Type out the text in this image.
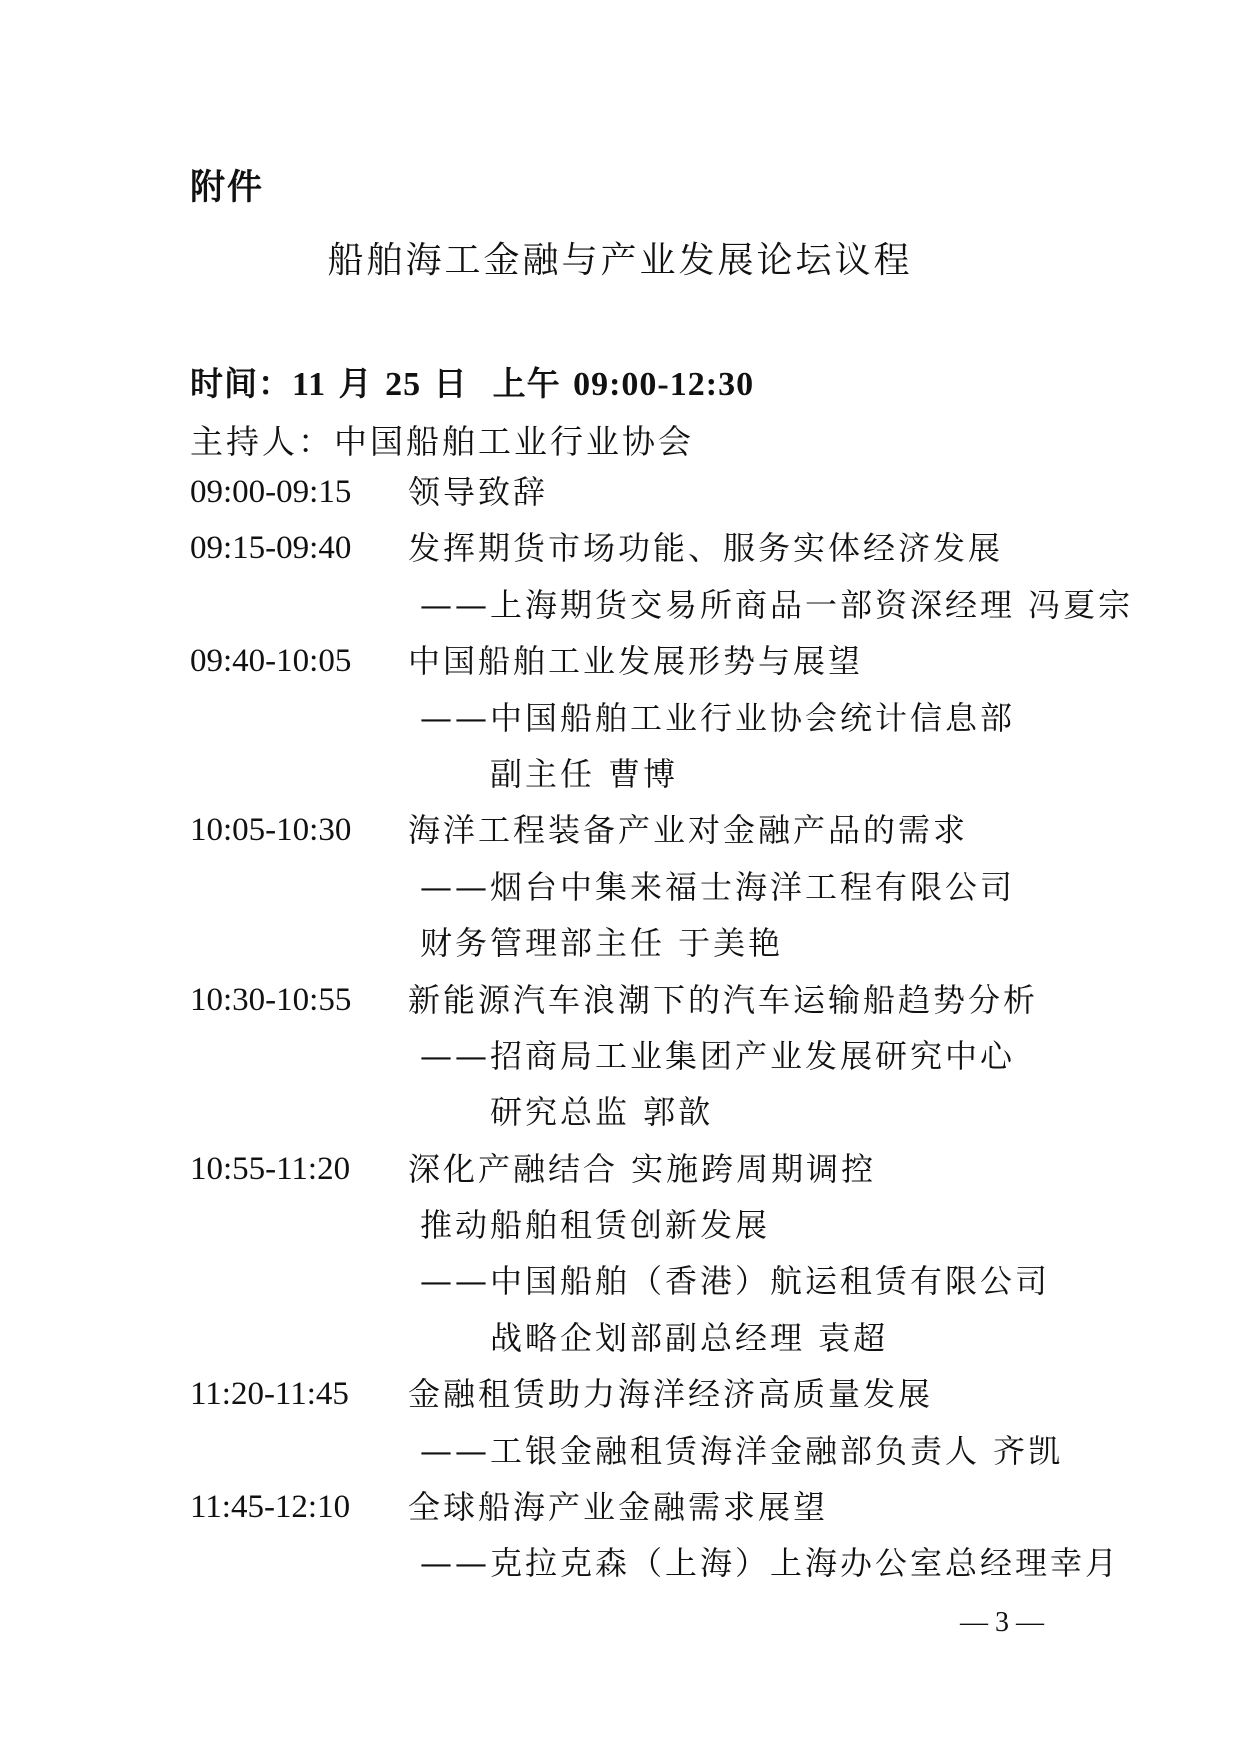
附件
船舶海工金融与产业发展论坛议程
时间：11 月 25 日 上午 09:00-12:30
主持人：中国船舶工业行业协会
09:00-09:15 领导致辞
09:15-09:40 发挥期货市场功能、服务实体经济发展
——上海期货交易所商品一部资深经理 冯夏宗
09:40-10:05 中国船舶工业发展形势与展望
——中国船舶工业行业协会统计信息部
副主任 曹博
10:05-10:30 海洋工程装备产业对金融产品的需求
——烟台中集来福士海洋工程有限公司
财务管理部主任 于美艳
10:30-10:55 新能源汽车浪潮下的汽车运输船趋势分析
——招商局工业集团产业发展研究中心
研究总监 郭歆
10:55-11:20 深化产融结合 实施跨周期调控
推动船舶租赁创新发展
——中国船舶（香港）航运租赁有限公司
战略企划部副总经理 袁超
11:20-11:45 金融租赁助力海洋经济高质量发展
——工银金融租赁海洋金融部负责人 齐凯
11:45-12:10 全球船海产业金融需求展望
——克拉克森（上海）上海办公室总经理幸月
— 3 —
